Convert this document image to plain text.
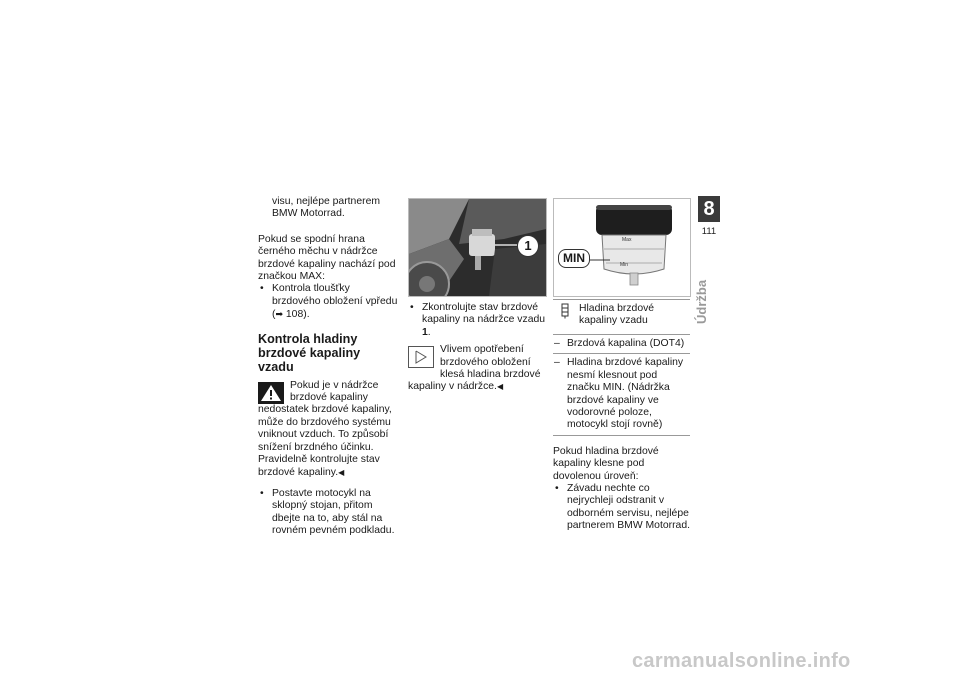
visu, nejlépe partnerem BMW Motorrad.

Pokud se spodní hrana černého měchu v nádržce brzdové kapaliny nachází pod značkou MAX:

• Kontrola tloušťky brzdového obložení vpředu (➡ 108).

Kontrola hladiny brzdové kapaliny vzadu

Pokud je v nádržce brzdové kapaliny nedostatek brzdové kapaliny, může do brzdového systému vniknout vzduch. To způsobí snížení brzdného účinku.

Pravidelně kontrolujte stav brzdové kapaliny.◀

• Postavte motocykl na sklopný stojan, přitom dbejte na to, aby stál na rovném pevném podkladu.

1

• Zkontrolujte stav brzdové kapaliny na nádržce vzadu 1.

Vlivem opotřebení brzdového obložení klesá hladina brzdové kapaliny v nádržce.◀

Max
Min
MIN

Hladina brzdové kapaliny vzadu

– Brzdová kapalina (DOT4)

– Hladina brzdové kapaliny nesmí klesnout pod značku MIN. (Nádržka brzdové kapaliny ve vodorovné poloze, motocykl stojí rovně)

Pokud hladina brzdové kapaliny klesne pod dovolenou úroveň:

• Závadu nechte co nejrychleji odstranit v odborném servisu, nejlépe partnerem BMW Motorrad.

8
111
Údržba
carmanualsonline.info
